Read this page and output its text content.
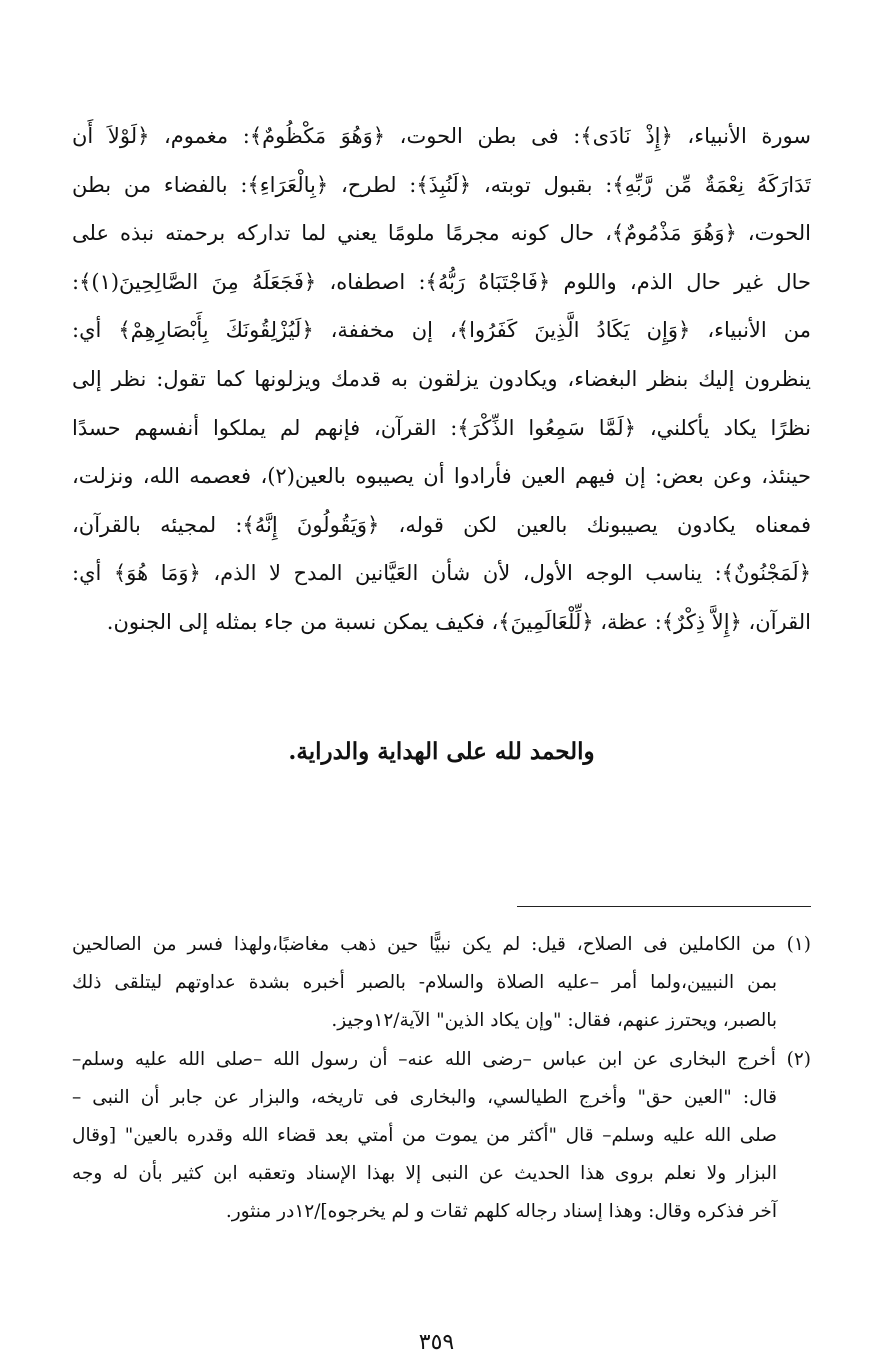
سورة الأنبياء، ﴿إِذْ نَادَى﴾: فى بطن الحوت، ﴿وَهُوَ مَكْظُومٌ﴾: مغموم، ﴿لَوْلاَ أَن
تَدَارَكَهُ نِعْمَةٌ مِّن رَّبِّهِ﴾: بقبول توبته، ﴿لَنُبِذَ﴾: لطرح، ﴿بِالْعَرَاءِ﴾: بالفضاء من بطن
الحوت، ﴿وَهُوَ مَذْمُومٌ﴾، حال كونه مجرمًا ملومًا يعني لما تداركه برحمته نبذه على
حال غير حال الذم، واللوم ﴿فَاجْتَبَاهُ رَبُّهُ﴾: اصطفاه، ﴿فَجَعَلَهُ مِنَ الصَّالِحِينَ(١)﴾:
من الأنبياء، ﴿وَإِن يَكَادُ الَّذِينَ كَفَرُوا﴾، إن مخففة، ﴿لَيُزْلِقُونَكَ بِأَبْصَارِهِمْ﴾ أي:
ينظرون إليك بنظر البغضاء، ويكادون يزلقون به قدمك ويزلونها كما تقول: نظر إلى
نظرًا يكاد يأكلني، ﴿لَمَّا سَمِعُوا الذِّكْرَ﴾: القرآن، فإنهم لم يملكوا أنفسهم حسدًا
حينئذ، وعن بعض: إن فيهم العين فأرادوا أن يصيبوه بالعين(٢)، فعصمه الله، ونزلت،
فمعناه يكادون يصيبونك بالعين لكن قوله، ﴿وَيَقُولُونَ إِنَّهُ﴾: لمجيئه بالقرآن،
﴿لَمَجْنُونٌ﴾: يناسب الوجه الأول، لأن شأن العَيَّانين المدح لا الذم، ﴿وَمَا هُوَ﴾ أي:
القرآن، ﴿إِلاَّ ذِكْرٌ﴾: عظة، ﴿لِّلْعَالَمِينَ﴾، فكيف يمكن نسبة من جاء بمثله إلى الجنون.
والحمد لله على الهداية والدراية.
(١) من الكاملين فى الصلاح، قيل: لم يكن نبيًّا حين ذهب مغاضبًا،ولهذا فسر من الصالحين
بمن النبيين،ولما أمر –عليه الصلاة والسلام- بالصبر أخبره بشدة عداوتهم ليتلقى ذلك
بالصبر، ويحترز عنهم، فقال: "وإن يكاد الذين" الآية/١٢وجيز.
(٢) أخرج البخارى عن ابن عباس –رضى الله عنه– أن رسول الله –صلى الله عليه وسلم–
قال: "العين حق" وأخرج الطيالسي، والبخارى فى تاريخه، والبزار عن جابر أن النبى –
صلى الله عليه وسلم– قال "أكثر من يموت من أمتي بعد قضاء الله وقدره بالعين" [وقال
البزار ولا نعلم بروى هذا الحديث عن النبى إلا بهذا الإسناد وتعقبه ابن كثير بأن له وجه
آخر فذكره وقال: وهذا إسناد رجاله كلهم ثقات و لم يخرجوه]/١٢در منثور.
٣٥٩
